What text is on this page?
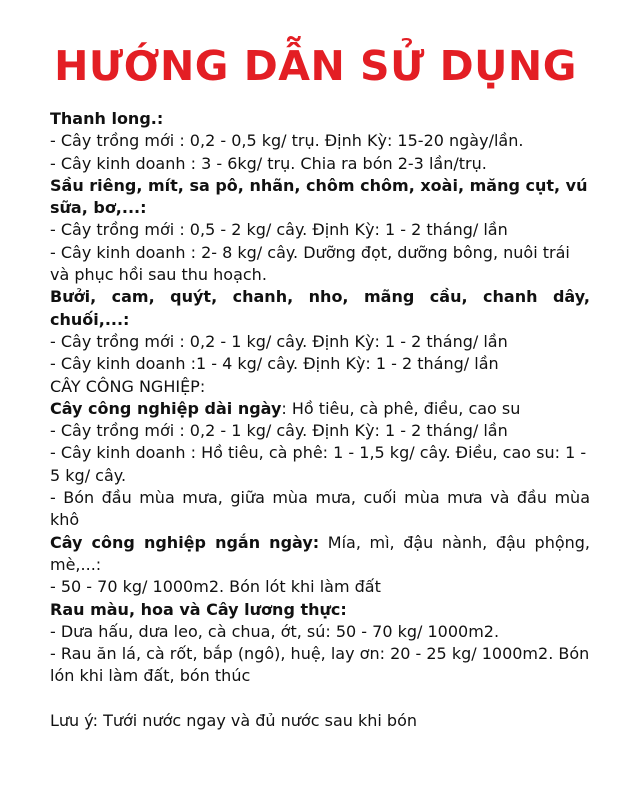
HƯỚNG DẪN SỬ DỤNG
Thanh long.:
- Cây trồng mới : 0,2 - 0,5 kg/ trụ. Định Kỳ: 15-20 ngày/lần.
- Cây kinh doanh : 3 - 6kg/ trụ. Chia ra bón 2-3 lần/trụ.
Sầu riêng, mít, sa pô, nhãn, chôm chôm, xoài, măng cụt, vú sữa, bơ,...:
- Cây trồng mới : 0,5 - 2 kg/ cây. Định Kỳ: 1 - 2 tháng/ lần
- Cây kinh doanh : 2- 8 kg/ cây. Dưỡng đọt, dưỡng bông, nuôi trái và phục hồi sau thu hoạch.
Bưởi, cam, quýt, chanh, nho, mãng cầu, chanh dây, chuối,...:
- Cây trồng mới : 0,2 - 1 kg/ cây. Định Kỳ: 1 - 2 tháng/ lần
- Cây kinh doanh :1 - 4 kg/ cây. Định Kỳ: 1 - 2 tháng/ lần
CÂY CÔNG NGHIỆP:
Cây công nghiệp dài ngày: Hồ tiêu, cà phê, điều, cao su
- Cây trồng mới : 0,2 - 1 kg/ cây. Định Kỳ: 1 - 2 tháng/ lần
- Cây kinh doanh : Hồ tiêu, cà phê: 1 - 1,5 kg/ cây. Điều, cao su: 1 - 5 kg/ cây.
- Bón đầu mùa mưa, giữa mùa mưa, cuối mùa mưa và đầu mùa khô
Cây công nghiệp ngắn ngày: Mía, mì, đậu nành, đậu phộng, mè,...:
- 50 - 70 kg/ 1000m2. Bón lót khi làm đất
Rau màu, hoa và Cây lương thực:
- Dưa hấu, dưa leo, cà chua, ớt, sú: 50 - 70 kg/ 1000m2.
- Rau ăn lá, cà rốt, bắp (ngô), huệ, lay ơn: 20 - 25 kg/ 1000m2. Bón lón khi làm đất, bón thúc
Lưu ý: Tưới nước ngay và đủ nước sau khi bón
